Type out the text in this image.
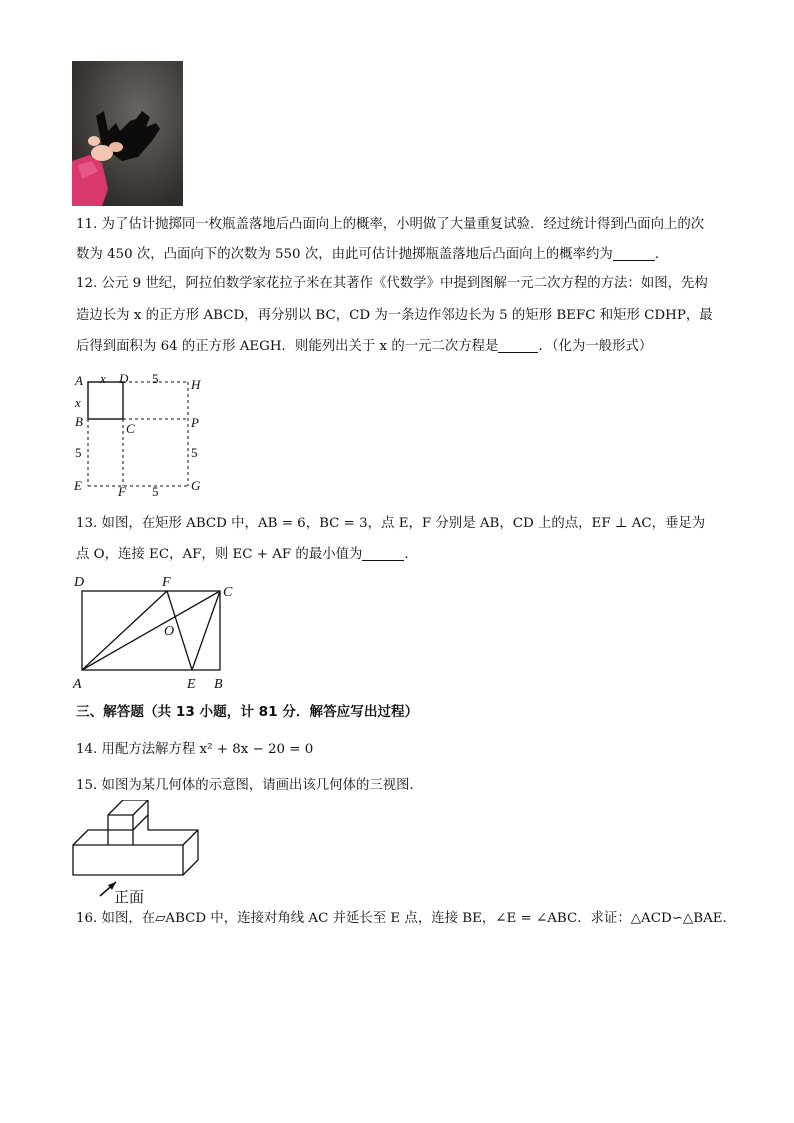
11. 为了估计抛掷同一枚瓶盖落地后凸面向上的概率，小明做了大量重复试验．经过统计得到凸面向上的次
数为 450 次，凸面向下的次数为 550 次，由此可估计抛掷瓶盖落地后凸面向上的概率约为	．
12. 公元 9 世纪，阿拉伯数学家花拉子米在其著作《代数学》中提到图解一元二次方程的方法：如图，先构
造边长为 x 的正方形 ABCD，再分别以 BC，CD 为一条边作邻边长为 5 的矩形 BEFC 和矩形 CDHP，最
后得到面积为 64 的正方形 AEGH．则能列出关于 x 的一元二次方程是	．（化为一般形式）
A x D 5	H
x
B	C	P
5	5
E	F 5	G
13. 如图，在矩形 ABCD 中，AB = 6，BC = 3，点 E，F 分别是 AB，CD 上的点，EF ⊥ AC，垂足为
点 O，连接 EC，AF，则 EC + AF 的最小值为	．
D	F
C
O
A	E B
三、解答题（共 13 小题，计 81 分．解答应写出过程）
14. 用配方法解方程 x² + 8x − 20 = 0
15. 如图为某几何体的示意图，请画出该几何体的三视图．
正面
16. 如图，在▱ABCD 中，连接对角线 AC 并延长至 E 点，连接 BE，∠E = ∠ABC．求证：△ACD∽△BAE．
